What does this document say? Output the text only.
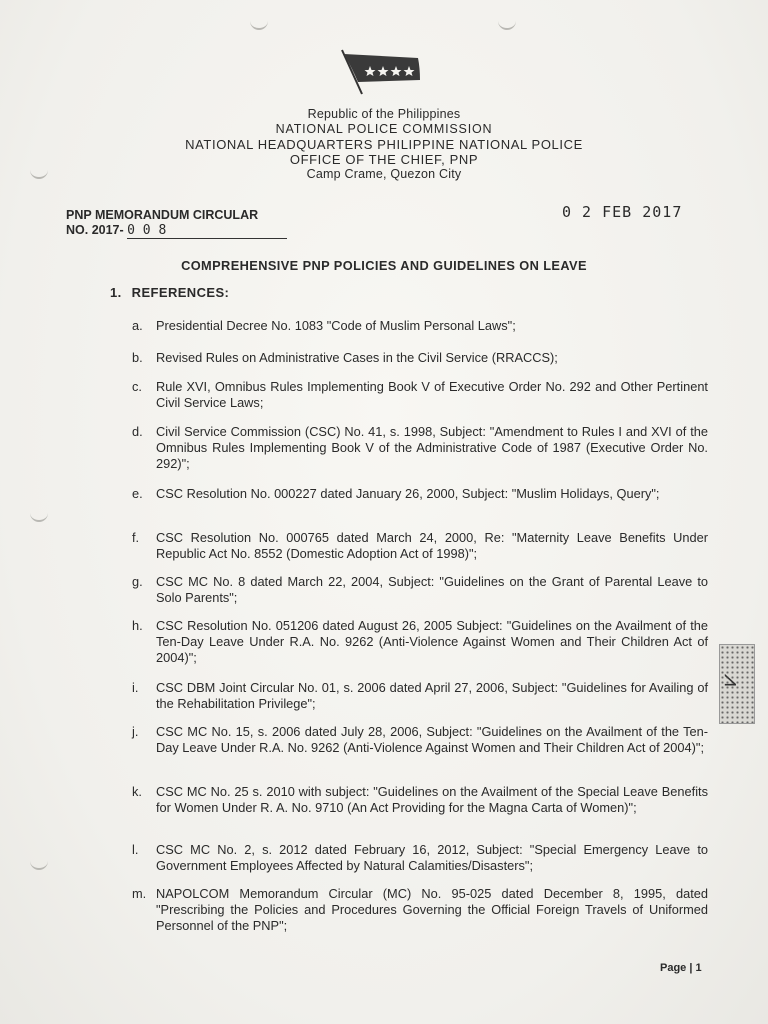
Republic of the Philippines
NATIONAL POLICE COMMISSION
NATIONAL HEADQUARTERS PHILIPPINE NATIONAL POLICE
OFFICE OF THE CHIEF, PNP
Camp Crame, Quezon City
PNP MEMORANDUM CIRCULAR
NO. 2017- 0 0 8
0 2 FEB 2017
COMPREHENSIVE PNP POLICIES AND GUIDELINES ON LEAVE
1. REFERENCES:
a.	Presidential Decree No. 1083 "Code of Muslim Personal Laws";
b.	Revised Rules on Administrative Cases in the Civil Service (RRACCS);
c.	Rule XVI, Omnibus Rules Implementing Book V of Executive Order No. 292 and Other Pertinent Civil Service Laws;
d.	Civil Service Commission (CSC) No. 41, s. 1998, Subject: "Amendment to Rules I and XVI of the Omnibus Rules Implementing Book V of the Administrative Code of 1987 (Executive Order No. 292)";
e.	CSC Resolution No. 000227 dated January 26, 2000, Subject: "Muslim Holidays, Query";
f.	CSC Resolution No. 000765 dated March 24, 2000, Re: "Maternity Leave Benefits Under Republic Act No. 8552 (Domestic Adoption Act of 1998)";
g.	CSC MC No. 8 dated March 22, 2004, Subject: "Guidelines on the Grant of Parental Leave to Solo Parents";
h.	CSC Resolution No. 051206 dated August 26, 2005 Subject: "Guidelines on the Availment of the Ten-Day Leave Under R.A. No. 9262 (Anti-Violence Against Women and Their Children Act of 2004)";
i.	CSC DBM Joint Circular No. 01, s. 2006 dated April 27, 2006, Subject: "Guidelines for Availing of the Rehabilitation Privilege";
j.	CSC MC No. 15, s. 2006 dated July 28, 2006, Subject: "Guidelines on the Availment of the Ten-Day Leave Under R.A. No. 9262 (Anti-Violence Against Women and Their Children Act of 2004)";
k.	CSC MC No. 25 s. 2010 with subject: "Guidelines on the Availment of the Special Leave Benefits for Women Under R. A. No. 9710 (An Act Providing for the Magna Carta of Women)";
l.	CSC MC No. 2, s. 2012 dated February 16, 2012, Subject: "Special Emergency Leave to Government Employees Affected by Natural Calamities/Disasters";
m. NAPOLCOM Memorandum Circular (MC) No. 95-025 dated December 8, 1995, dated "Prescribing the Policies and Procedures Governing the Official Foreign Travels of Uniformed Personnel of the PNP";
⩘
Page | 1
